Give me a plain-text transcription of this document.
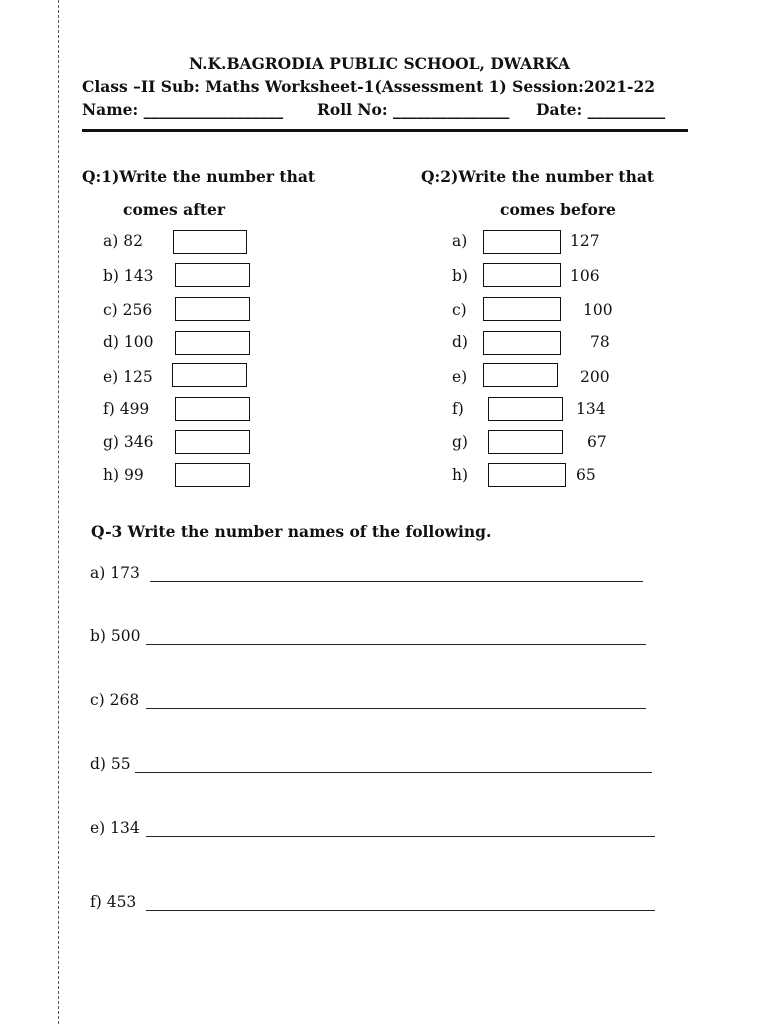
N.K.BAGRODIA PUBLIC SCHOOL, DWARKA
Class –II Sub: Maths Worksheet-1(Assessment 1) Session:2021-22
Name: __________________ Roll No: _______________ Date: __________
Q:1)Write the number that
comes after
a) 82
b) 143
c) 256
d) 100
e) 125
f) 499
g) 346
h) 99
Q:2)Write the number that
comes before
a)	127
b)	106
c)	100
d)	78
e)	200
f)	134
g)	67
h)	65
Q-3 Write the number names of the following.
a) 173
b) 500
c) 268
d) 55
e) 134
f) 453
